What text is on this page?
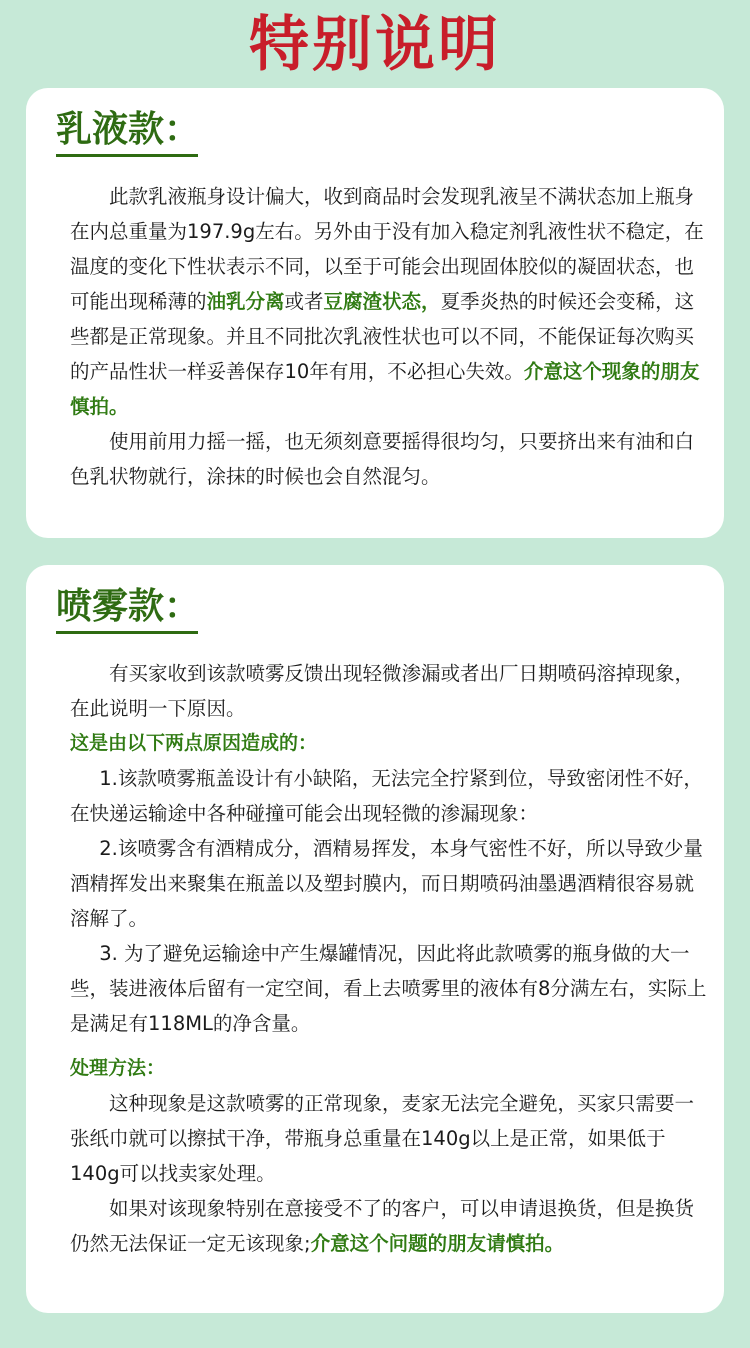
特别说明
乳液款：

此款乳液瓶身设计偏大，收到商品时会发现乳液呈不满状态加上瓶身在内总重量为197.9g左右。另外由于没有加入稳定剂乳液性状不稳定，在温度的变化下性状表示不同，以至于可能会出现固体胶似的凝固状态，也可能出现稀薄的油乳分离或者豆腐渣状态，夏季炎热的时候还会变稀，这些都是正常现象。并且不同批次乳液性状也可以不同，不能保证每次购买的产品性状一样妥善保存10年有用，不必担心失效。介意这个现象的朋友慎拍。

使用前用力摇一摇，也无须刻意要摇得很均匀，只要挤出来有油和白色乳状物就行，涂抹的时候也会自然混匀。

喷雾款：

有买家收到该款喷雾反馈出现轻微渗漏或者出厂日期喷码溶掉现象，在此说明一下原因。

这是由以下两点原因造成的：

1.该款喷雾瓶盖设计有小缺陷，无法完全拧紧到位，导致密闭性不好，在快递运输途中各种碰撞可能会出现轻微的渗漏现象：

2.该喷雾含有酒精成分，酒精易挥发，本身气密性不好，所以导致少量酒精挥发出来聚集在瓶盖以及塑封膜内，而日期喷码油墨遇酒精很容易就溶解了。

3. 为了避免运输途中产生爆罐情况，因此将此款喷雾的瓶身做的大一些，装进液体后留有一定空间，看上去喷雾里的液体有8分满左右，实际上是满足有118ML的净含量。

处理方法：

这种现象是这款喷雾的正常现象，麦家无法完全避免，买家只需要一张纸巾就可以擦拭干净，带瓶身总重量在140g以上是正常，如果低于140g可以找卖家处理。

如果对该现象特别在意接受不了的客户，可以申请退换货，但是换货仍然无法保证一定无该现象;介意这个问题的朋友请慎拍。
